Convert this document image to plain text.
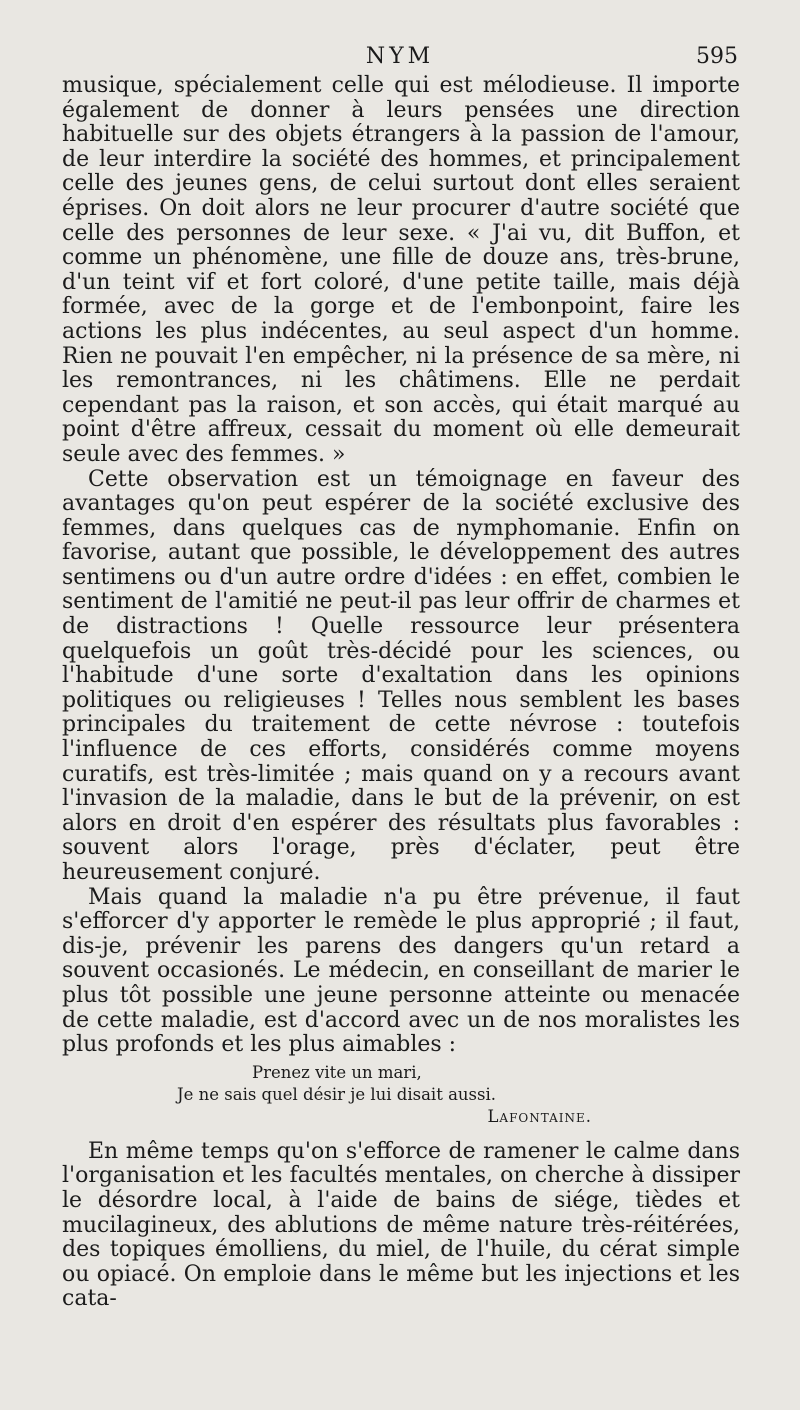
NYM	595

musique, spécialement celle qui est mélodieuse. Il importe également de donner à leurs pensées une direction habituelle sur des objets étrangers à la passion de l'amour, de leur interdire la société des hommes, et principalement celle des jeunes gens, de celui surtout dont elles seraient éprises. On doit alors ne leur procurer d'autre société que celle des personnes de leur sexe. « J'ai vu, dit Buffon, et comme un phénomène, une fille de douze ans, très-brune, d'un teint vif et fort coloré, d'une petite taille, mais déjà formée, avec de la gorge et de l'embonpoint, faire les actions les plus indécentes, au seul aspect d'un homme. Rien ne pouvait l'en empêcher, ni la présence de sa mère, ni les remontrances, ni les châtimens. Elle ne perdait cependant pas la raison, et son accès, qui était marqué au point d'être affreux, cessait du moment où elle demeurait seule avec des femmes. »

Cette observation est un témoignage en faveur des avantages qu'on peut espérer de la société exclusive des femmes, dans quelques cas de nymphomanie. Enfin on favorise, autant que possible, le développement des autres sentimens ou d'un autre ordre d'idées : en effet, combien le sentiment de l'amitié ne peut-il pas leur offrir de charmes et de distractions ! Quelle ressource leur présentera quelquefois un goût très-décidé pour les sciences, ou l'habitude d'une sorte d'exaltation dans les opinions politiques ou religieuses ! Telles nous semblent les bases principales du traitement de cette névrose : toutefois l'influence de ces efforts, considérés comme moyens curatifs, est très-limitée ; mais quand on y a recours avant l'invasion de la maladie, dans le but de la prévenir, on est alors en droit d'en espérer des résultats plus favorables : souvent alors l'orage, près d'éclater, peut être heureusement conjuré.

Mais quand la maladie n'a pu être prévenue, il faut s'efforcer d'y apporter le remède le plus approprié ; il faut, dis-je, prévenir les parens des dangers qu'un retard a souvent occasionés. Le médecin, en conseillant de marier le plus tôt possible une jeune personne atteinte ou menacée de cette maladie, est d'accord avec un de nos moralistes les plus profonds et les plus aimables :

Prenez vite un mari,
Je ne sais quel désir je lui disait aussi.
Lafontaine.

En même temps qu'on s'efforce de ramener le calme dans l'organisation et les facultés mentales, on cherche à dissiper le désordre local, à l'aide de bains de siége, tièdes et mucilagineux, des ablutions de même nature très-réitérées, des topiques émolliens, du miel, de l'huile, du cérat simple ou opiacé. On emploie dans le même but les injections et les cata-
